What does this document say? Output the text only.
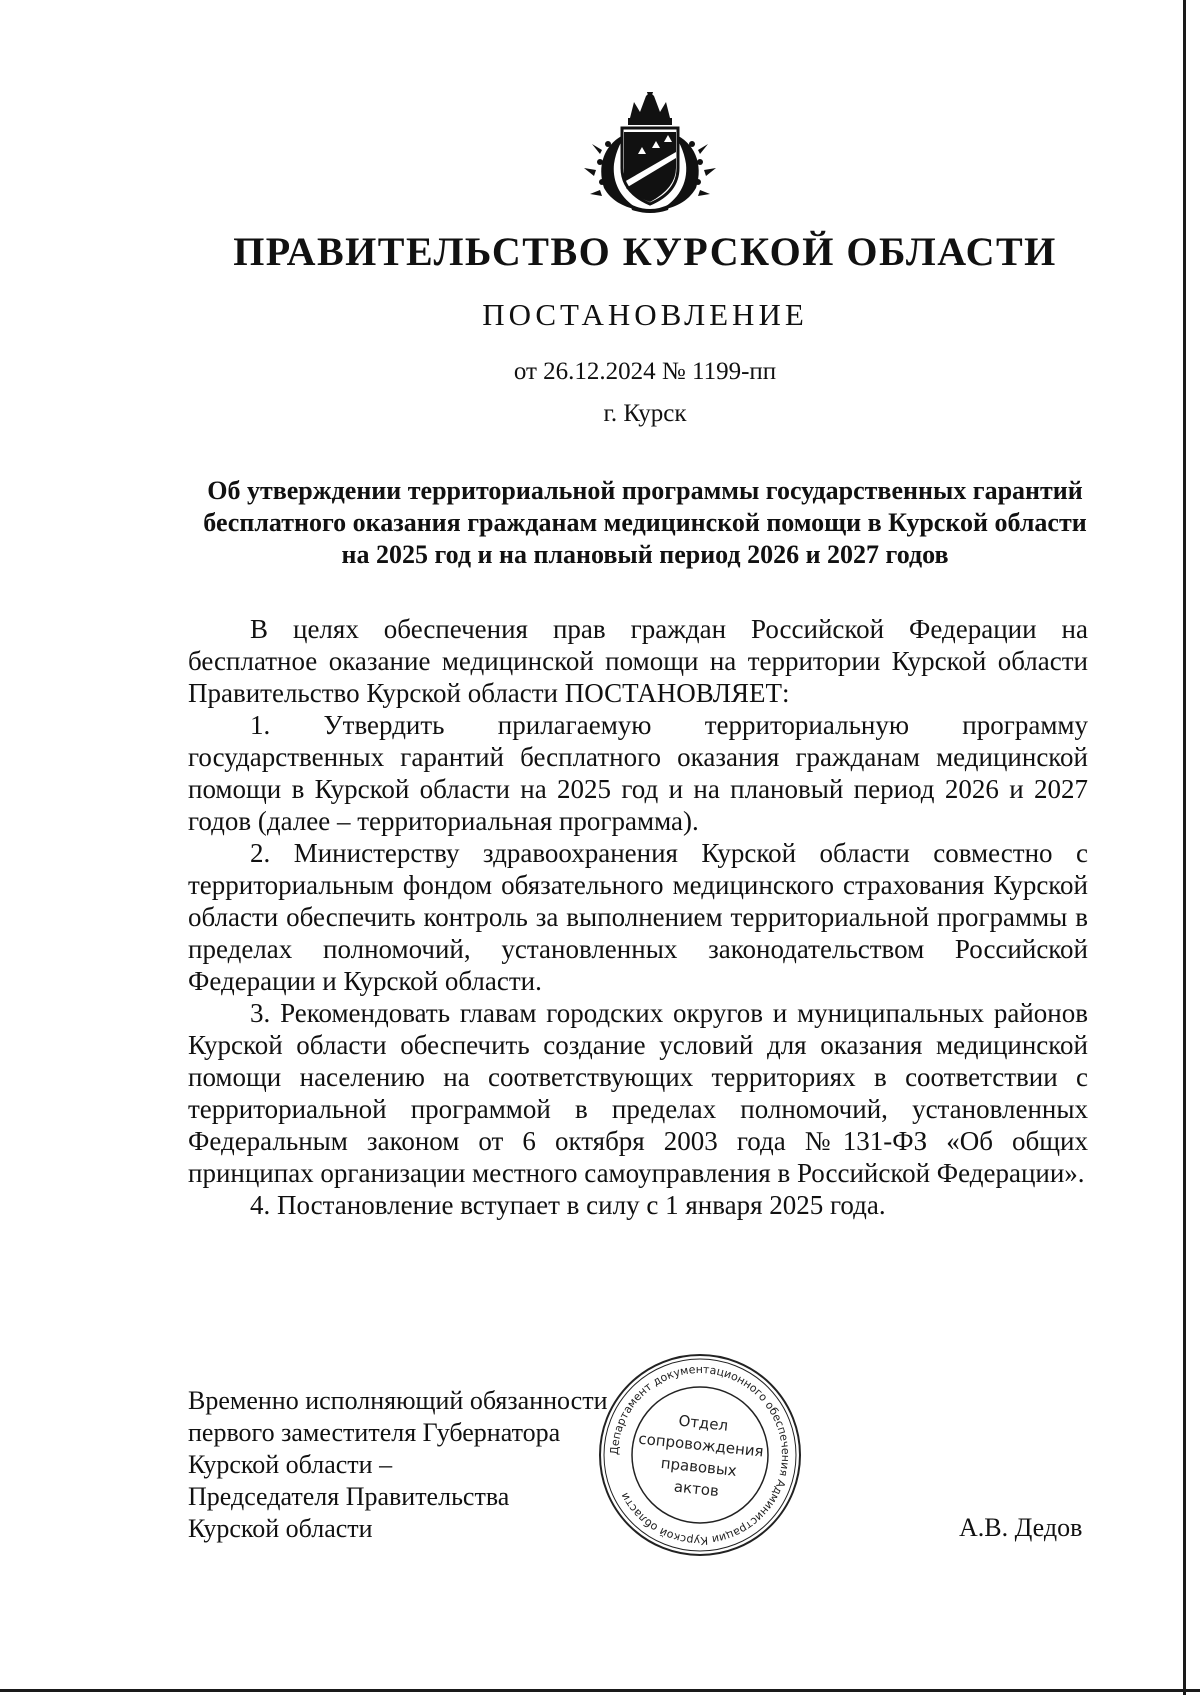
ПРАВИТЕЛЬСТВО КУРСКОЙ ОБЛАСТИ
ПОСТАНОВЛЕНИЕ
от 26.12.2024 № 1199-пп
г. Курск
Об утверждении территориальной программы государственных гарантий бесплатного оказания гражданам медицинской помощи в Курской области на 2025 год и на плановый период 2026 и 2027 годов

В целях обеспечения прав граждан Российской Федерации на бесплатное оказание медицинской помощи на территории Курской области Правительство Курской области ПОСТАНОВЛЯЕТ:

1. Утвердить прилагаемую территориальную программу государственных гарантий бесплатного оказания гражданам медицинской помощи в Курской области на 2025 год и на плановый период 2026 и 2027 годов (далее – территориальная программа).

2. Министерству здравоохранения Курской области совместно с территориальным фондом обязательного медицинского страхования Курской области обеспечить контроль за выполнением территориальной программы в пределах полномочий, установленных законодательством Российской Федерации и Курской области.

3. Рекомендовать главам городских округов и муниципальных районов Курской области обеспечить создание условий для оказания медицинской помощи населению на соответствующих территориях в соответствии с территориальной программой в пределах полномочий, установленных Федеральным законом от 6 октября 2003 года №131-ФЗ «Об общих принципах организации местного самоуправления в Российской Федерации».

4. Постановление вступает в силу с 1 января 2025 года.

Временно исполняющий обязанности
первого заместителя Губернатора
Курской области –
Председателя Правительства
Курской области	А.В. Дедов
Департамент документационного обеспечения Администрации Курской области
Отдел
сопровождения
правовых
актов
